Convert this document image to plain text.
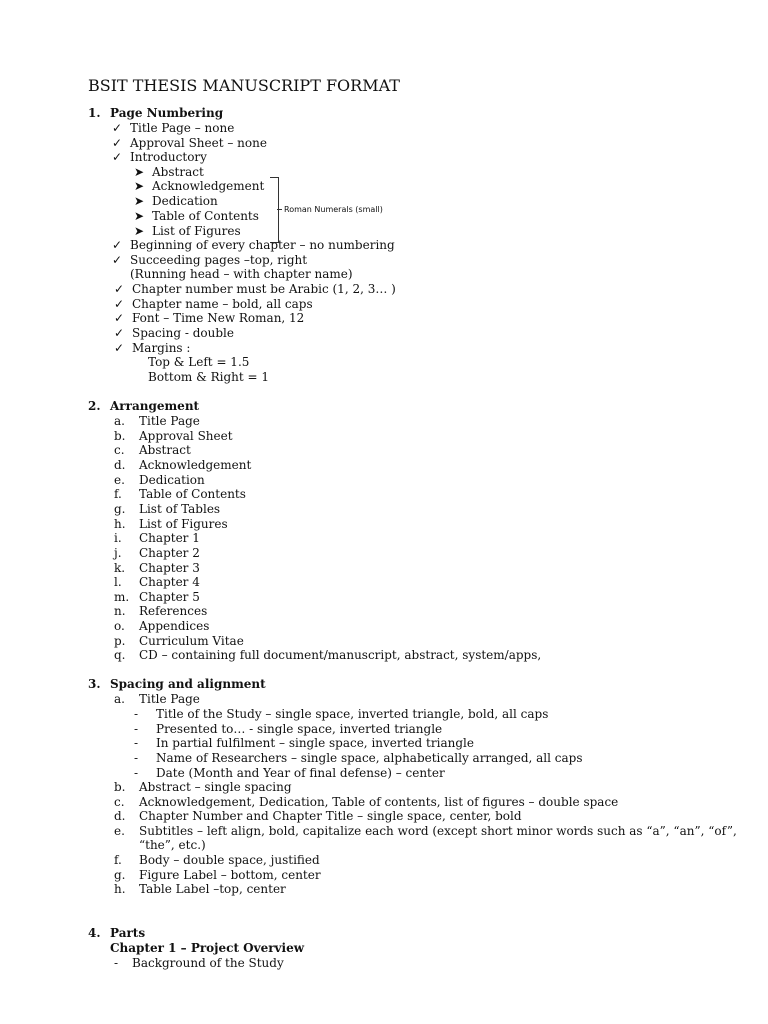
BSIT THESIS MANUSCRIPT FORMAT
1. Page Numbering
✓ Title Page – none
✓ Approval Sheet – none
✓ Introductory
➤ Abstract
➤ Acknowledgement
➤ Dedication
➤ Table of Contents
➤ List of Figures
Roman Numerals (small)
✓ Beginning of every chapter – no numbering
✓ Succeeding pages –top, right
(Running head – with chapter name)
✓ Chapter number must be Arabic (1, 2, 3… )
✓ Chapter name – bold, all caps
✓ Font – Time New Roman, 12
✓ Spacing - double
✓ Margins :
Top & Left = 1.5
Bottom & Right = 1
2. Arrangement
a. Title Page
b. Approval Sheet
c. Abstract
d. Acknowledgement
e. Dedication
f. Table of Contents
g. List of Tables
h. List of Figures
i. Chapter 1
j. Chapter 2
k. Chapter 3
l. Chapter 4
m. Chapter 5
n. References
o. Appendices
p. Curriculum Vitae
q. CD – containing full document/manuscript, abstract, system/apps,
3. Spacing and alignment
a. Title Page
- Title of the Study – single space, inverted triangle, bold, all caps
- Presented to… - single space, inverted triangle
- In partial fulfilment – single space, inverted triangle
- Name of Researchers – single space, alphabetically arranged, all caps
- Date (Month and Year of final defense) – center
b. Abstract – single spacing
c. Acknowledgement, Dedication, Table of contents, list of figures – double space
d. Chapter Number and Chapter Title – single space, center, bold
e. Subtitles – left align, bold, capitalize each word (except short minor words such as “a”, “an”, “of”,
“the”, etc.)
f. Body – double space, justified
g. Figure Label – bottom, center
h. Table Label –top, center
4. Parts
Chapter 1 – Project Overview
- Background of the Study
